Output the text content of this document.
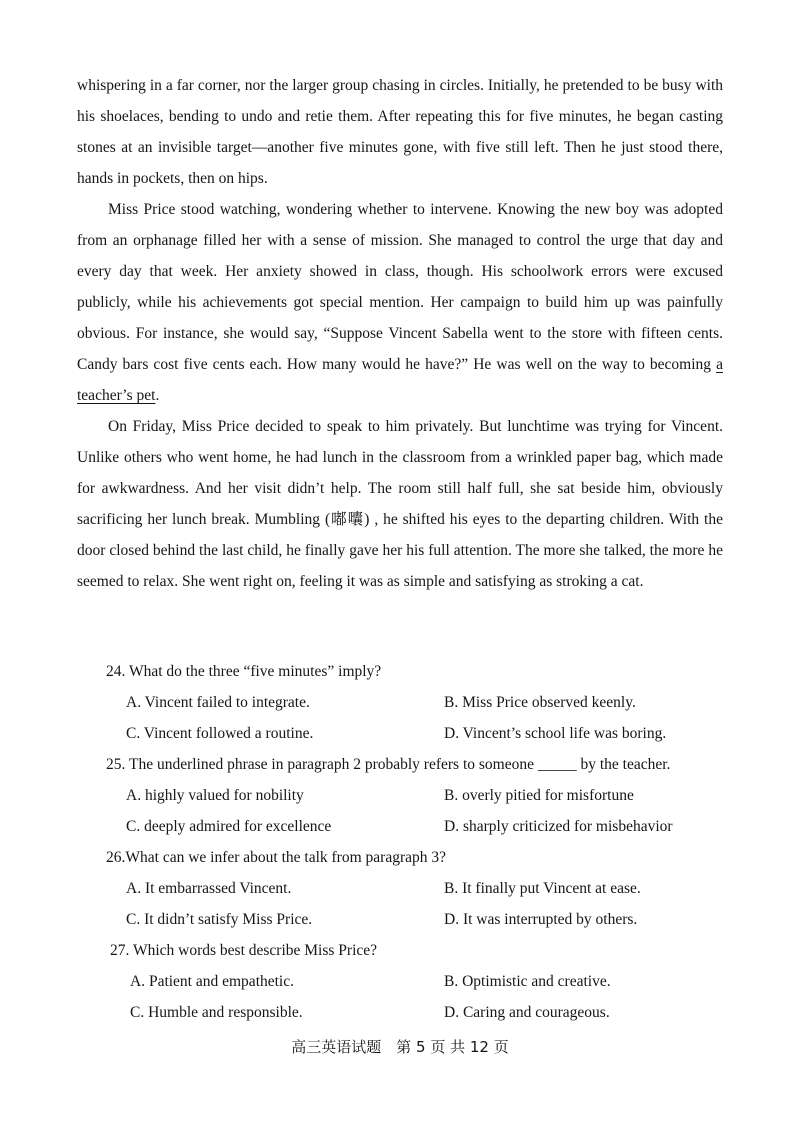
whispering in a far corner, nor the larger group chasing in circles. Initially, he pretended to be busy with his shoelaces, bending to undo and retie them. After repeating this for five minutes, he began casting stones at an invisible target—another five minutes gone, with five still left. Then he just stood there, hands in pockets, then on hips.

Miss Price stood watching, wondering whether to intervene. Knowing the new boy was adopted from an orphanage filled her with a sense of mission. She managed to control the urge that day and every day that week. Her anxiety showed in class, though. His schoolwork errors were excused publicly, while his achievements got special mention. Her campaign to build him up was painfully obvious. For instance, she would say, “Suppose Vincent Sabella went to the store with fifteen cents. Candy bars cost five cents each. How many would he have?” He was well on the way to becoming a teacher’s pet.

On Friday, Miss Price decided to speak to him privately. But lunchtime was trying for Vincent. Unlike others who went home, he had lunch in the classroom from a wrinkled paper bag, which made for awkwardness. And her visit didn’t help. The room still half full, she sat beside him, obviously sacrificing her lunch break. Mumbling (嘟囔) , he shifted his eyes to the departing children. With the door closed behind the last child, he finally gave her his full attention. The more she talked, the more he seemed to relax. She went right on, feeling it was as simple and satisfying as stroking a cat.

24. What do the three “five minutes” imply?
A. Vincent failed to integrate.	B. Miss Price observed keenly.
C. Vincent followed a routine.	D. Vincent’s school life was boring.
25. The underlined phrase in paragraph 2 probably refers to someone _____ by the teacher.
A. highly valued for nobility	B. overly pitied for misfortune
C. deeply admired for excellence	D. sharply criticized for misbehavior
26.What can we infer about the talk from paragraph 3?
A. It embarrassed Vincent.	B. It finally put Vincent at ease.
C. It didn’t satisfy Miss Price.	D. It was interrupted by others.
27. Which words best describe Miss Price?
A. Patient and empathetic.	B. Optimistic and creative.
C. Humble and responsible.	D. Caring and courageous.
高三英语试题　第 5 页 共 12 页
